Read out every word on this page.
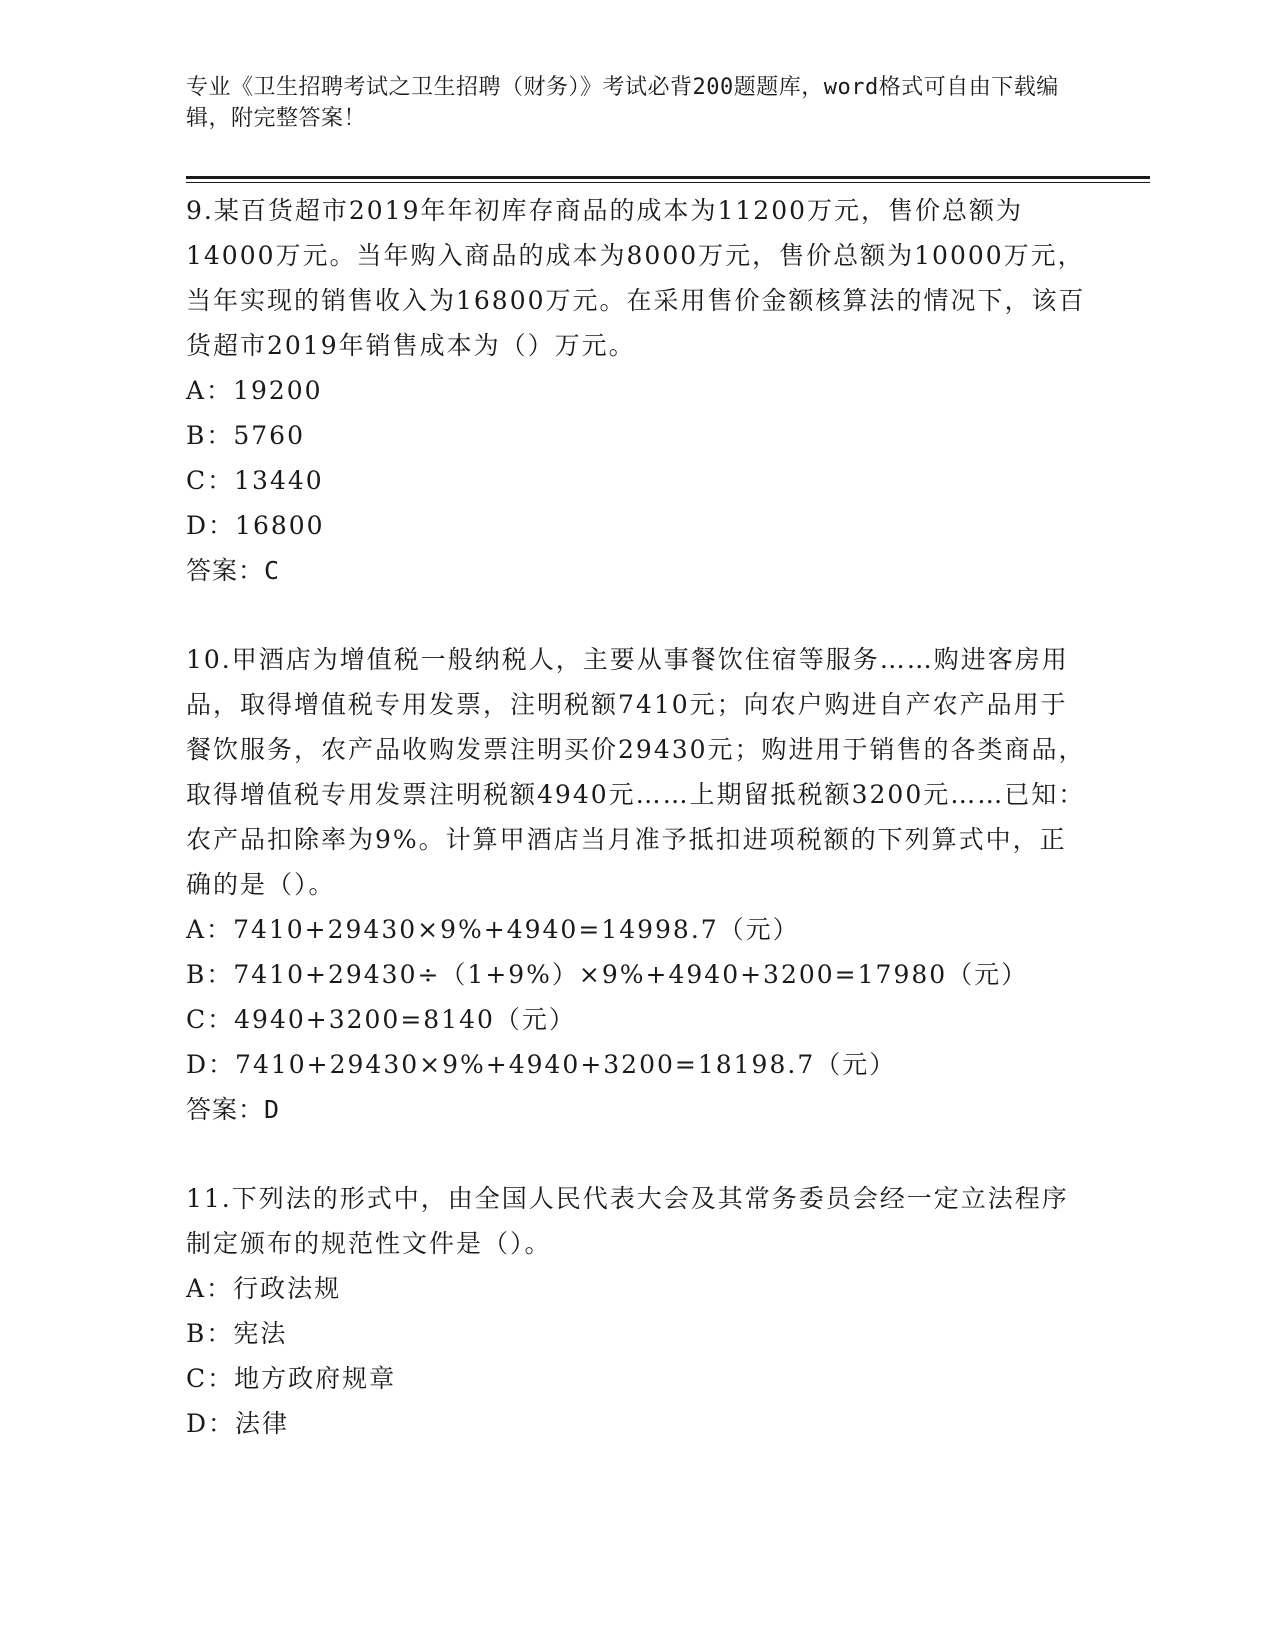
专业《卫生招聘考试之卫生招聘（财务）》考试必背200题题库，word格式可自由下载编辑，附完整答案！

9.某百货超市2019年年初库存商品的成本为11200万元，售价总额为14000万元。当年购入商品的成本为8000万元，售价总额为10000万元，当年实现的销售收入为16800万元。在采用售价金额核算法的情况下，该百货超市2019年销售成本为（）万元。

A：19200
B：5760
C：13440
D：16800
答案：C

10.甲酒店为增值税一般纳税人，主要从事餐饮住宿等服务……购进客房用品，取得增值税专用发票，注明税额7410元；向农户购进自产农产品用于餐饮服务，农产品收购发票注明买价29430元；购进用于销售的各类商品，取得增值税专用发票注明税额4940元……上期留抵税额3200元……已知：农产品扣除率为9%。计算甲酒店当月准予抵扣进项税额的下列算式中，正确的是（）。

A：7410+29430×9%+4940=14998.7（元）
B：7410+29430÷（1+9%）×9%+4940+3200=17980（元）
C：4940+3200=8140（元）
D：7410+29430×9%+4940+3200=18198.7（元）
答案：D

11.下列法的形式中，由全国人民代表大会及其常务委员会经一定立法程序制定颁布的规范性文件是（）。

A：行政法规
B：宪法
C：地方政府规章
D：法律
